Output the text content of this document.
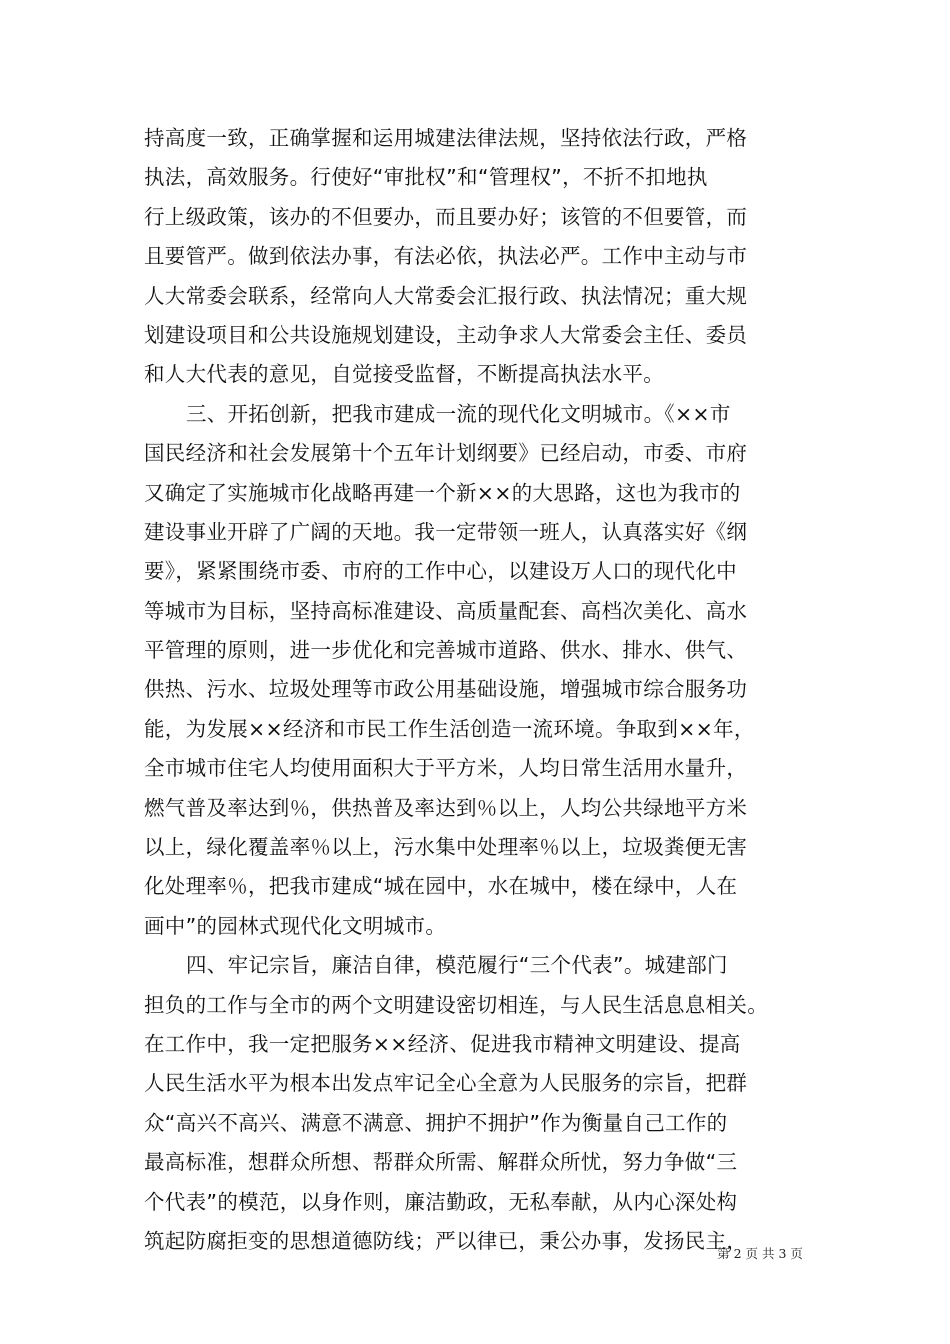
持高度一致，正确掌握和运用城建法律法规，坚持依法行政，严格
执法，高效服务。行使好“审批权”和“管理权”，不折不扣地执
行上级政策，该办的不但要办，而且要办好；该管的不但要管，而
且要管严。做到依法办事，有法必依，执法必严。工作中主动与市
人大常委会联系，经常向人大常委会汇报行政、执法情况；重大规
划建设项目和公共设施规划建设，主动争求人大常委会主任、委员
和人大代表的意见，自觉接受监督，不断提高执法水平。
三、开拓创新，把我市建成一流的现代化文明城市。《××市
国民经济和社会发展第十个五年计划纲要》已经启动，市委、市府
又确定了实施城市化战略再建一个新××的大思路，这也为我市的
建设事业开辟了广阔的天地。我一定带领一班人，认真落实好《纲
要》，紧紧围绕市委、市府的工作中心，以建设万人口的现代化中
等城市为目标，坚持高标准建设、高质量配套、高档次美化、高水
平管理的原则，进一步优化和完善城市道路、供水、排水、供气、
供热、污水、垃圾处理等市政公用基础设施，增强城市综合服务功
能，为发展××经济和市民工作生活创造一流环境。争取到××年，
全市城市住宅人均使用面积大于平方米，人均日常生活用水量升，
燃气普及率达到％，供热普及率达到％以上，人均公共绿地平方米
以上，绿化覆盖率％以上，污水集中处理率％以上，垃圾粪便无害
化处理率％，把我市建成“城在园中，水在城中，楼在绿中，人在
画中”的园林式现代化文明城市。
四、牢记宗旨，廉洁自律，模范履行“三个代表”。城建部门
担负的工作与全市的两个文明建设密切相连，与人民生活息息相关。
在工作中，我一定把服务××经济、促进我市精神文明建设、提高
人民生活水平为根本出发点牢记全心全意为人民服务的宗旨，把群
众“高兴不高兴、满意不满意、拥护不拥护”作为衡量自己工作的
最高标准，想群众所想、帮群众所需、解群众所忧，努力争做“三
个代表”的模范，以身作则，廉洁勤政，无私奉献，从内心深处构
筑起防腐拒变的思想道德防线；严以律已，秉公办事，发扬民主，
第 2 页 共 3 页
